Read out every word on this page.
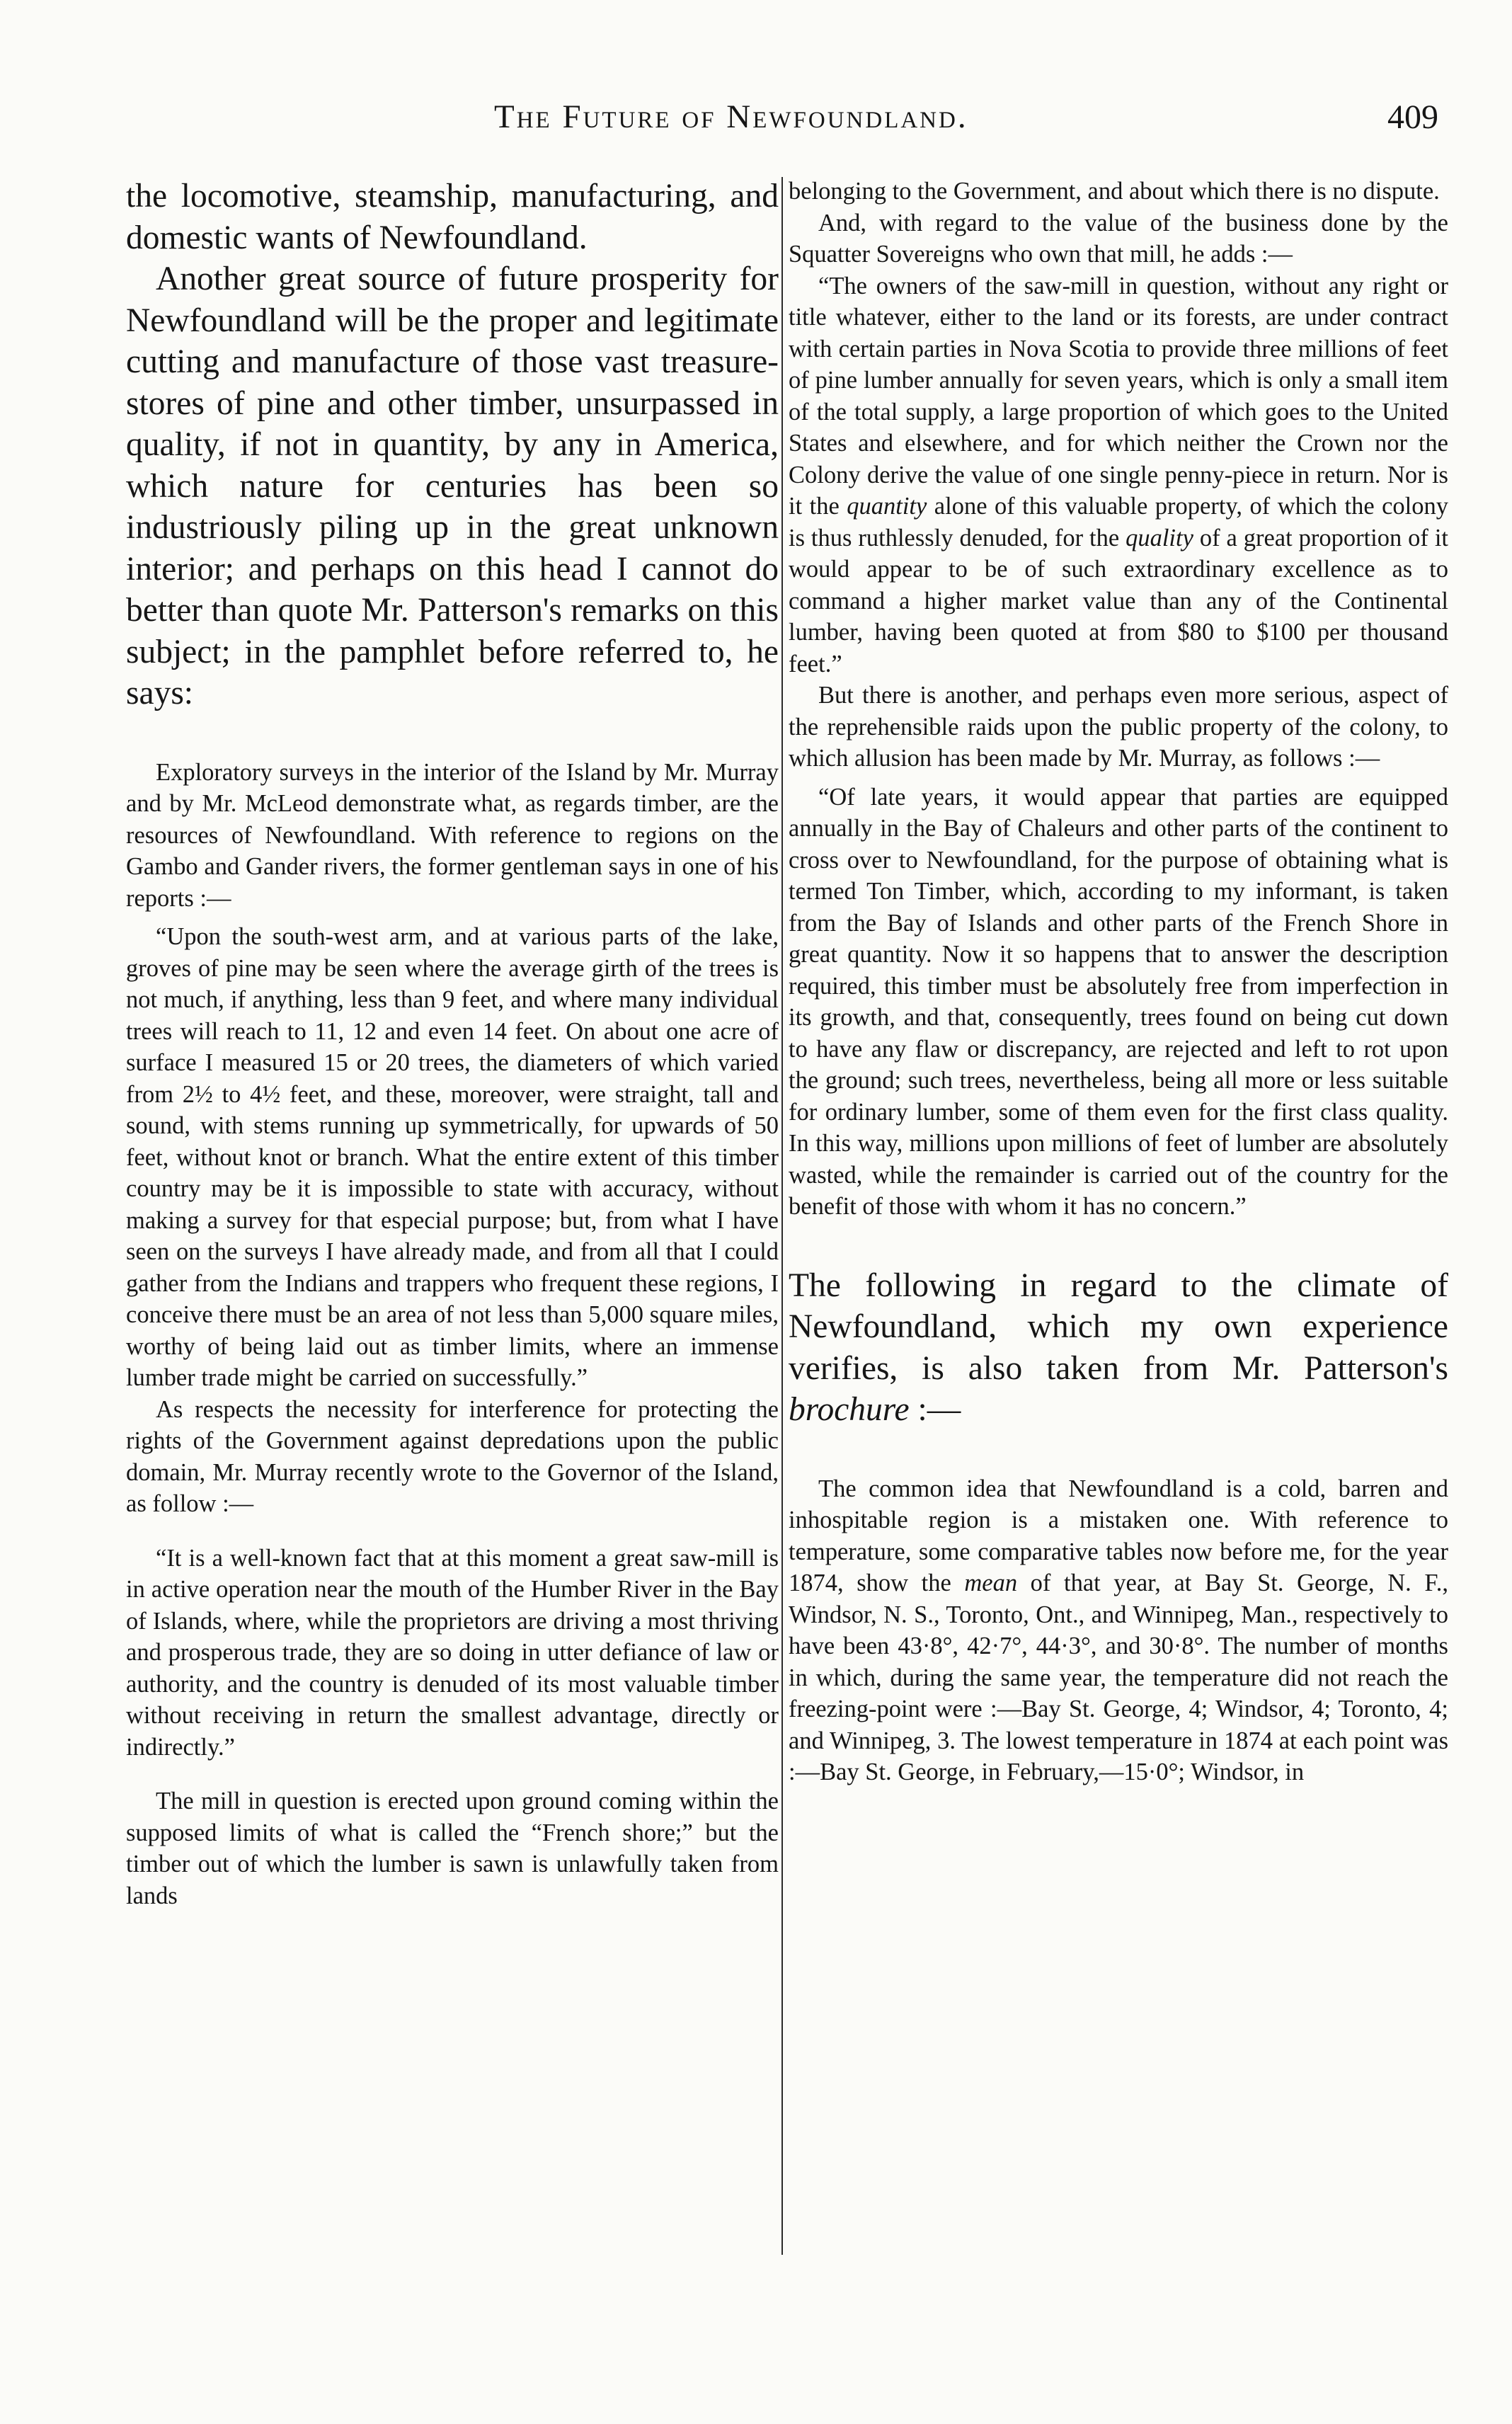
The Future of Newfoundland.	409

the locomotive, steamship, manufacturing, and domestic wants of Newfoundland.

Another great source of future prosperity for Newfoundland will be the proper and legitimate cutting and manufacture of those vast treasure-stores of pine and other timber, unsurpassed in quality, if not in quantity, by any in America, which nature for centuries has been so industriously piling up in the great unknown interior; and perhaps on this head I cannot do better than quote Mr. Patterson's remarks on this subject; in the pamphlet before referred to, he says:

Exploratory surveys in the interior of the Island by Mr. Murray and by Mr. McLeod demonstrate what, as regards timber, are the resources of Newfoundland. With reference to regions on the Gambo and Gander rivers, the former gentleman says in one of his reports :—

“Upon the south-west arm, and at various parts of the lake, groves of pine may be seen where the average girth of the trees is not much, if anything, less than 9 feet, and where many individual trees will reach to 11, 12 and even 14 feet. On about one acre of surface I measured 15 or 20 trees, the diameters of which varied from 2½ to 4½ feet, and these, moreover, were straight, tall and sound, with stems running up symmetrically, for upwards of 50 feet, without knot or branch. What the entire extent of this timber country may be it is impossible to state with accuracy, without making a survey for that especial purpose; but, from what I have seen on the surveys I have already made, and from all that I could gather from the Indians and trappers who frequent these regions, I conceive there must be an area of not less than 5,000 square miles, worthy of being laid out as timber limits, where an immense lumber trade might be carried on successfully.”

As respects the necessity for interference for protecting the rights of the Government against depredations upon the public domain, Mr. Murray recently wrote to the Governor of the Island, as follow :—

“It is a well-known fact that at this moment a great saw-mill is in active operation near the mouth of the Humber River in the Bay of Islands, where, while the proprietors are driving a most thriving and prosperous trade, they are so doing in utter defiance of law or authority, and the country is denuded of its most valuable timber without receiving in return the smallest advantage, directly or indirectly.”

The mill in question is erected upon ground coming within the supposed limits of what is called the “French shore;” but the timber out of which the lumber is sawn is unlawfully taken from lands

belonging to the Government, and about which there is no dispute.

And, with regard to the value of the business done by the Squatter Sovereigns who own that mill, he adds :—

“The owners of the saw-mill in question, without any right or title whatever, either to the land or its forests, are under contract with certain parties in Nova Scotia to provide three millions of feet of pine lumber annually for seven years, which is only a small item of the total supply, a large proportion of which goes to the United States and elsewhere, and for which neither the Crown nor the Colony derive the value of one single penny-piece in return. Nor is it the quantity alone of this valuable property, of which the colony is thus ruthlessly denuded, for the quality of a great proportion of it would appear to be of such extraordinary excellence as to command a higher market value than any of the Continental lumber, having been quoted at from $80 to $100 per thousand feet.”

But there is another, and perhaps even more serious, aspect of the reprehensible raids upon the public property of the colony, to which allusion has been made by Mr. Murray, as follows :—

“Of late years, it would appear that parties are equipped annually in the Bay of Chaleurs and other parts of the continent to cross over to Newfoundland, for the purpose of obtaining what is termed Ton Timber, which, according to my informant, is taken from the Bay of Islands and other parts of the French Shore in great quantity. Now it so happens that to answer the description required, this timber must be absolutely free from imperfection in its growth, and that, consequently, trees found on being cut down to have any flaw or discrepancy, are rejected and left to rot upon the ground; such trees, nevertheless, being all more or less suitable for ordinary lumber, some of them even for the first class quality. In this way, millions upon millions of feet of lumber are absolutely wasted, while the remainder is carried out of the country for the benefit of those with whom it has no concern.”

The following in regard to the climate of Newfoundland, which my own experience verifies, is also taken from Mr. Patterson's brochure :—

The common idea that Newfoundland is a cold, barren and inhospitable region is a mistaken one. With reference to temperature, some comparative tables now before me, for the year 1874, show the mean of that year, at Bay St. George, N. F., Windsor, N. S., Toronto, Ont., and Winnipeg, Man., respectively to have been 43·8°, 42·7°, 44·3°, and 30·8°. The number of months in which, during the same year, the temperature did not reach the freezing-point were :—Bay St. George, 4; Windsor, 4; Toronto, 4; and Winnipeg, 3. The lowest temperature in 1874 at each point was :—Bay St. George, in February,—15·0°; Windsor, in
